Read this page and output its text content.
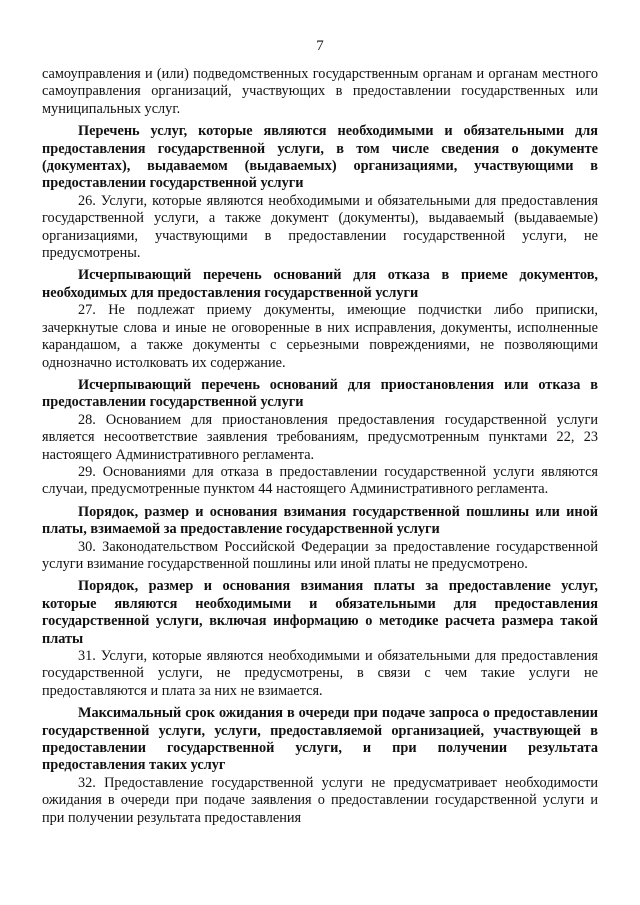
7

самоуправления и (или) подведомственных государственным органам и органам местного самоуправления организаций, участвующих в предоставлении государственных или муниципальных услуг.

Перечень услуг, которые являются необходимыми и обязательными для предоставления государственной услуги, в том числе сведения о документе (документах), выдаваемом (выдаваемых) организациями, участвующими в предоставлении государственной услуги

26. Услуги, которые являются необходимыми и обязательными для предоставления государственной услуги, а также документ (документы), выдаваемый (выдаваемые) организациями, участвующими в предоставлении государственной услуги, не предусмотрены.

Исчерпывающий перечень оснований для отказа в приеме документов, необходимых для предоставления государственной услуги

27. Не подлежат приему документы, имеющие подчистки либо приписки, зачеркнутые слова и иные не оговоренные в них исправления, документы, исполненные карандашом, а также документы с серьезными повреждениями, не позволяющими однозначно истолковать их содержание.

Исчерпывающий перечень оснований для приостановления или отказа в предоставлении государственной услуги

28. Основанием для приостановления предоставления государственной услуги является несоответствие заявления требованиям, предусмотренным пунктами 22, 23 настоящего Административного регламента.

29. Основаниями для отказа в предоставлении государственной услуги являются случаи, предусмотренные пунктом 44 настоящего Административного регламента.

Порядок, размер и основания взимания государственной пошлины или иной платы, взимаемой за предоставление государственной услуги

30. Законодательством Российской Федерации за предоставление государственной услуги взимание государственной пошлины или иной платы не предусмотрено.

Порядок, размер и основания взимания платы за предоставление услуг, которые являются необходимыми и обязательными для предоставления государственной услуги, включая информацию о методике расчета размера такой платы

31. Услуги, которые являются необходимыми и обязательными для предоставления государственной услуги, не предусмотрены, в связи с чем такие услуги не предоставляются и плата за них не взимается.

Максимальный срок ожидания в очереди при подаче запроса о предоставлении государственной услуги, услуги, предоставляемой организацией, участвующей в предоставлении государственной услуги, и при получении результата предоставления таких услуг

32. Предоставление государственной услуги не предусматривает необходимости ожидания в очереди при подаче заявления о предоставлении государственной услуги и при получении результата предоставления
